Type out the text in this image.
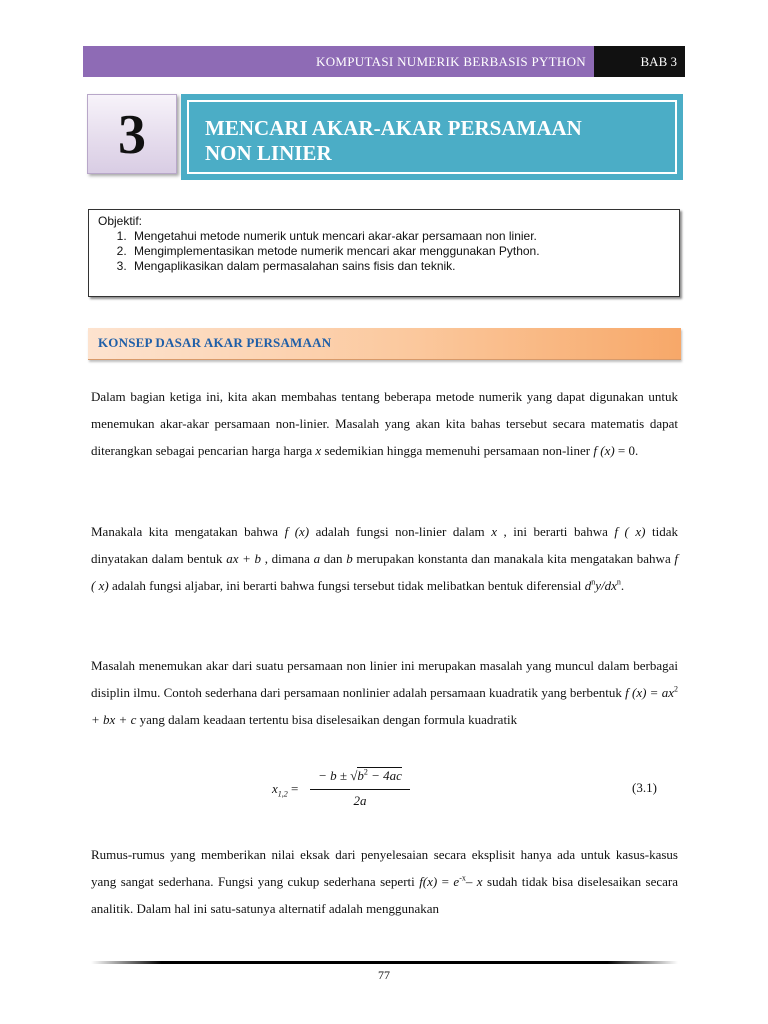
KOMPUTASI NUMERIK BERBASIS PYTHON	BAB 3
3	MENCARI AKAR-AKAR PERSAMAAN
NON LINIER

Objektif:
1. Mengetahui metode numerik untuk mencari akar-akar persamaan non linier.
2. Mengimplementasikan metode numerik mencari akar menggunakan Python.
3. Mengaplikasikan dalam permasalahan sains fisis dan teknik.
KONSEP DASAR AKAR PERSAMAAN

Dalam bagian ketiga ini, kita akan membahas tentang beberapa metode numerik yang dapat digunakan untuk menemukan akar-akar persamaan non-linier. Masalah yang akan kita bahas tersebut secara matematis dapat diterangkan sebagai pencarian harga harga x sedemikian hingga memenuhi persamaan non-liner f (x) = 0.

Manakala kita mengatakan bahwa f (x) adalah fungsi non-linier dalam x , ini berarti bahwa f ( x) tidak dinyatakan dalam bentuk ax + b , dimana a dan b merupakan konstanta dan manakala kita mengatakan bahwa f ( x) adalah fungsi aljabar, ini berarti bahwa fungsi tersebut tidak melibatkan bentuk diferensial $d^ny/dx^n$.

Masalah menemukan akar dari suatu persamaan non linier ini merupakan masalah yang muncul dalam berbagai disiplin ilmu. Contoh sederhana dari persamaan nonlinier adalah persamaan kuadratik yang berbentuk f $(x) = ax^2$ + bx + c yang dalam keadaan tertentu bisa diselesaikan dengan formula kuadratik

$x_{1,2}$ =
− $b \pm √b^2 - 4ac$
2a
(3.1)

Rumus-rumus yang memberikan nilai eksak dari penyelesaian secara eksplisit hanya ada untuk kasus-kasus yang sangat sederhana. Fungsi yang cukup sederhana seperti $f(x) = e^{-x}-$ x sudah tidak bisa diselesaikan secara analitik. Dalam hal ini satu-satunya alternatif adalah menggunakan

77
